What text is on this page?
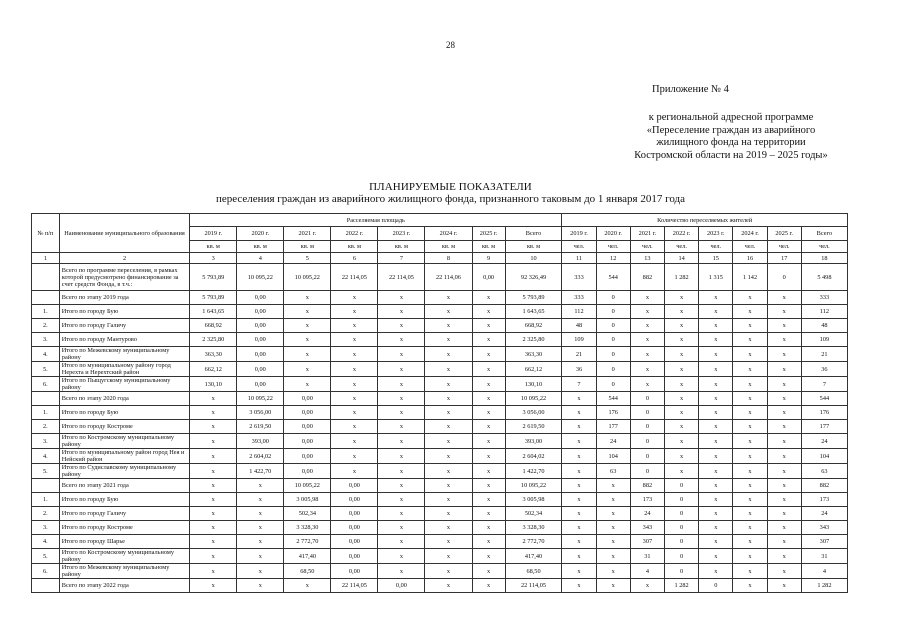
28
Приложение № 4
к региональной адресной программе
«Переселение граждан из аварийного
жилищного фонда на территории
Костромской области на 2019 – 2025 годы»
ПЛАНИРУЕМЫЕ ПОКАЗАТЕЛИ
переселения граждан из аварийного жилищного фонда, признанного таковым до 1 января 2017 года
№ п/п	Наименование муниципального образования	Расселяемая площадь								Количество переселяемых жителей							
		2019 г.	2020 г.	2021 г.	2022 г.	2023 г.	2024 г.	2025 г.	Всего	2019 г.	2020 г.	2021 г.	2022 г.	2023 г.	2024 г.	2025 г.	Всего
		кв. м	кв. м	кв. м	кв. м	кв. м	кв. м	кв. м	кв. м	чел.	чел.	чел.	чел.	чел.	чел.	чел.	чел.
1	2	3	4	5	6	7	8	9	10	11	12	13	14	15	16	17	18
	Всего по программе переселения, в рамках которой предусмотрено финансирование за счет средств Фонда, в т.ч.:	5 793,89	10 095,22	10 095,22	22 114,05	22 114,05	22 114,06	0,00	92 326,49	333	544	882	1 282	1 315	1 142	0	5 498
	Всего по этапу 2019 года	5 793,89	0,00	x	x	x	x	x	5 793,89	333	0	x	x	x	x	x	333
1.	Итого по городу Бую	1 643,65	0,00	x	x	x	x	x	1 643,65	112	0	x	x	x	x	x	112
2.	Итого по городу Галичу	668,92	0,00	x	x	x	x	x	668,92	48	0	x	x	x	x	x	48
3.	Итого по городу Мантурово	2 325,80	0,00	x	x	x	x	x	2 325,80	109	0	x	x	x	x	x	109
4.	Итого по Межевскому муниципальному району	363,30	0,00	x	x	x	x	x	363,30	21	0	x	x	x	x	x	21
5.	Итого по муниципальному району город Нерехта и Нерехтский район	662,12	0,00	x	x	x	x	x	662,12	36	0	x	x	x	x	x	36
6.	Итого по Пыщугскому муниципальному району	130,10	0,00	x	x	x	x	x	130,10	7	0	x	x	x	x	x	7
	Всего по этапу 2020 года	x	10 095,22	0,00	x	x	x	x	10 095,22	x	544	0	x	x	x	x	544
1.	Итого по городу Бую	x	3 056,00	0,00	x	x	x	x	3 056,00	x	176	0	x	x	x	x	176
2.	Итого по городу Костроме	x	2 619,50	0,00	x	x	x	x	2 619,50	x	177	0	x	x	x	x	177
3.	Итого по Костромскому муниципальному району	x	393,00	0,00	x	x	x	x	393,00	x	24	0	x	x	x	x	24
4.	Итого по муниципальному район город Нея и Нейский район	x	2 604,02	0,00	x	x	x	x	2 604,02	x	104	0	x	x	x	x	104
5.	Итого по Судиславскому муниципальному району	x	1 422,70	0,00	x	x	x	x	1 422,70	x	63	0	x	x	x	x	63
	Всего по этапу 2021 года	x	x	10 095,22	0,00	x	x	x	10 095,22	x	x	882	0	x	x	x	882
1.	Итого по городу Бую	x	x	3 005,98	0,00	x	x	x	3 005,98	x	x	173	0	x	x	x	173
2.	Итого по городу Галичу	x	x	502,34	0,00	x	x	x	502,34	x	x	24	0	x	x	x	24
3.	Итого по городу Костроме	x	x	3 328,30	0,00	x	x	x	3 328,30	x	x	343	0	x	x	x	343
4.	Итого по городу Шарье	x	x	2 772,70	0,00	x	x	x	2 772,70	x	x	307	0	x	x	x	307
5.	Итого по Костромскому муниципальному району	x	x	417,40	0,00	x	x	x	417,40	x	x	31	0	x	x	x	31
6.	Итого по Межевскому муниципальному району	x	x	68,50	0,00	x	x	x	68,50	x	x	4	0	x	x	x	4
	Всего по этапу 2022 года	x	x	x	22 114,05	0,00	x	x	22 114,05	x	x	x	1 282	0	x	x	1 282
